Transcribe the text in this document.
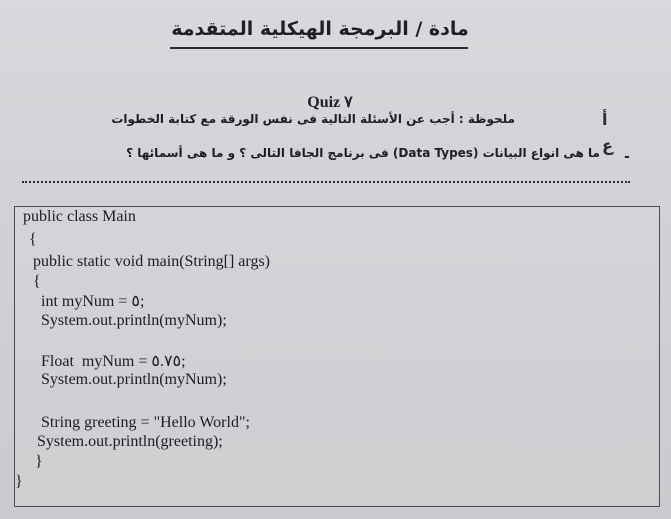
مادة / البرمجة الهيكلية المتقدمة
Quiz ٧
أ
ملحوظة : أجب عن الأسئلة التالية فى نفس الورقة مع كتابة الخطوات
ع
ما هى انواع البيانات (Data Types) فى برنامج الجافا التالى ؟ و ما هى أسمائها ؟ -
public class Main
{
public static void main(String[] args)
{
int myNum = ٥;
System.out.println(myNum);
Float  myNum = ٥.٧٥;
System.out.println(myNum);
String greeting = "Hello World";
System.out.println(greeting);
}
}
